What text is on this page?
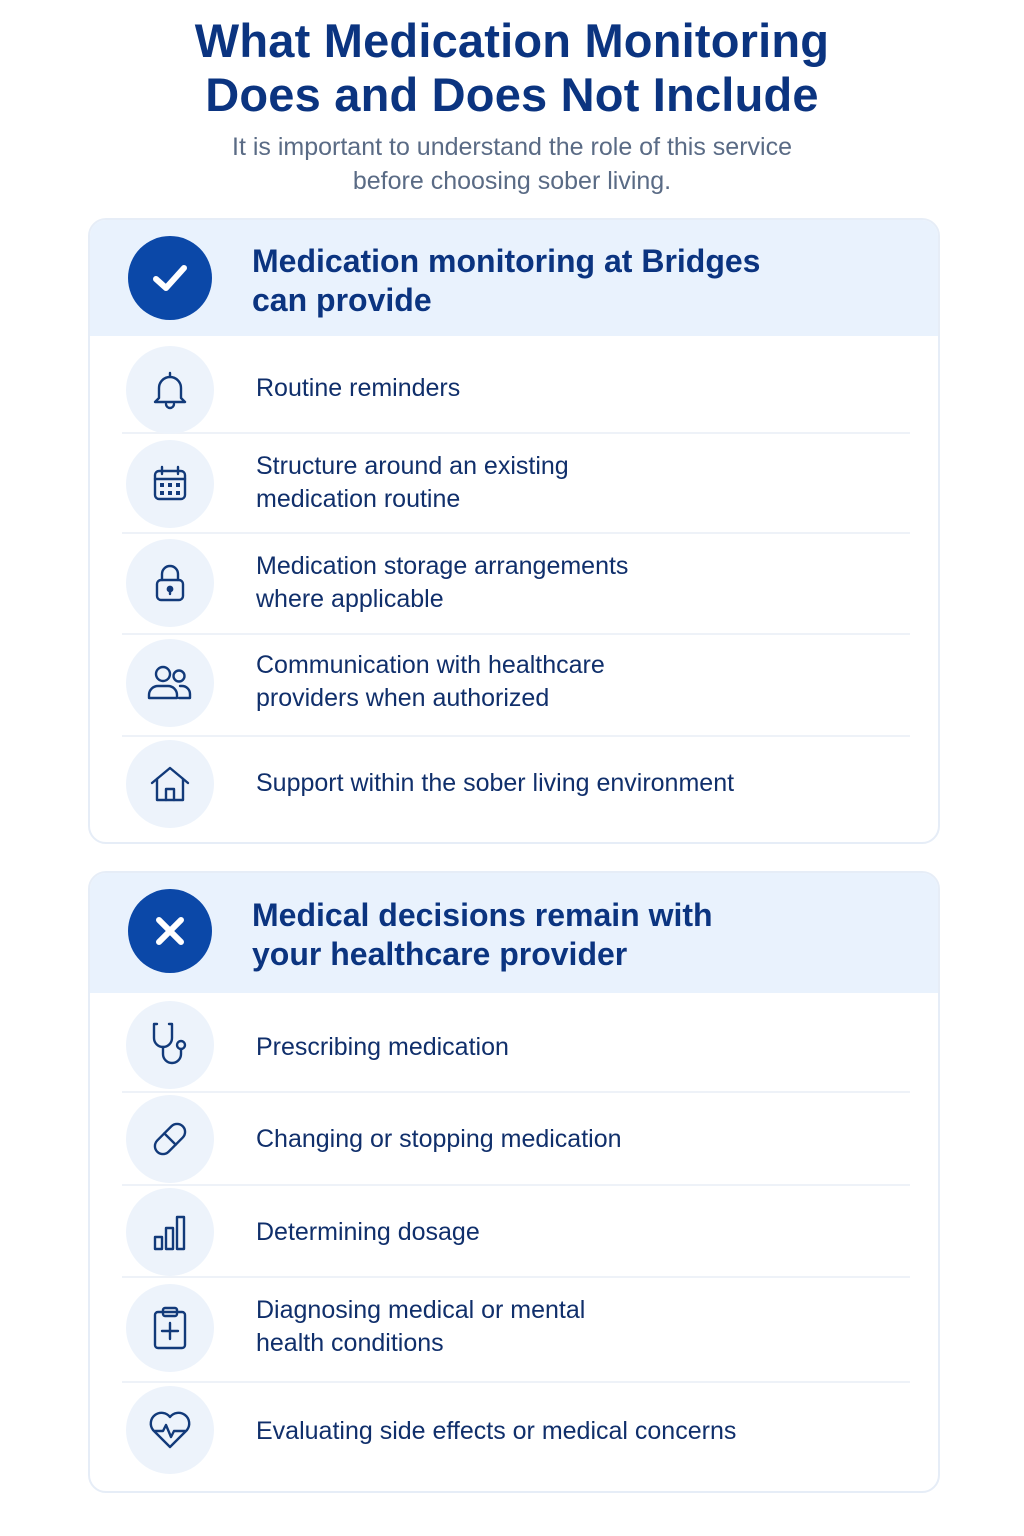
What Medication Monitoring
Does and Does Not Include

It is important to understand the role of this service
before choosing sober living.

Medication monitoring at Bridges
can provide
Routine reminders
Structure around an existing
medication routine
Medication storage arrangements
where applicable
Communication with healthcare
providers when authorized
Support within the sober living environment
Medical decisions remain with
your healthcare provider
Prescribing medication
Changing or stopping medication
Determining dosage
Diagnosing medical or mental
health conditions
Evaluating side effects or medical concerns
